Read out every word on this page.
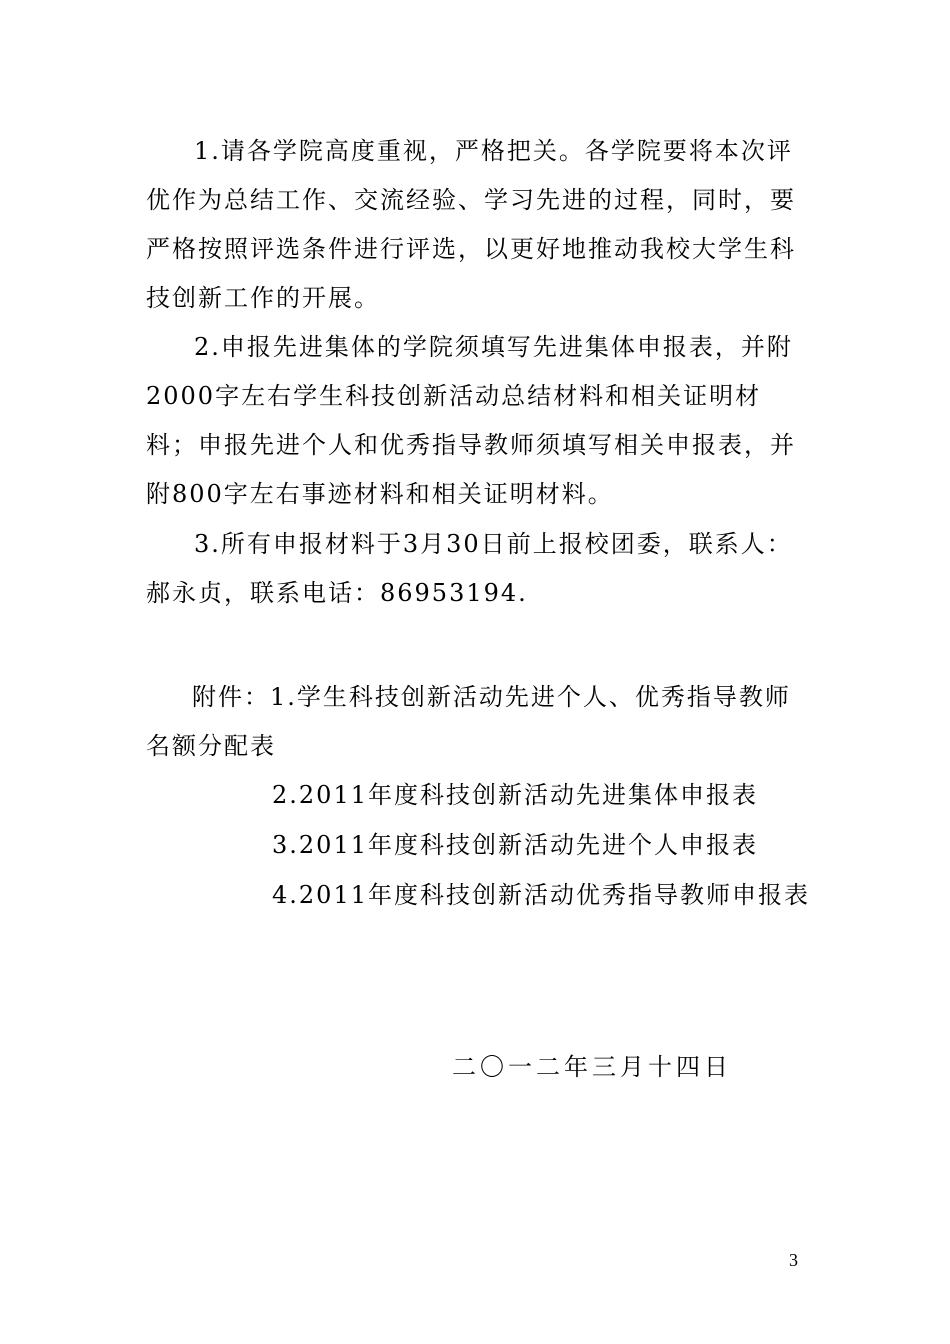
1.请各学院高度重视，严格把关。各学院要将本次评优作为总结工作、交流经验、学习先进的过程，同时，要严格按照评选条件进行评选，以更好地推动我校大学生科技创新工作的开展。

2.申报先进集体的学院须填写先进集体申报表，并附2000字左右学生科技创新活动总结材料和相关证明材料；申报先进个人和优秀指导教师须填写相关申报表，并附800字左右事迹材料和相关证明材料。

3.所有申报材料于3月30日前上报校团委，联系人：郝永贞，联系电话：86953194.

附件：1.学生科技创新活动先进个人、优秀指导教师名额分配表

2.2011年度科技创新活动先进集体申报表
3.2011年度科技创新活动先进个人申报表
4.2011年度科技创新活动优秀指导教师申报表
二〇一二年三月十四日
3
